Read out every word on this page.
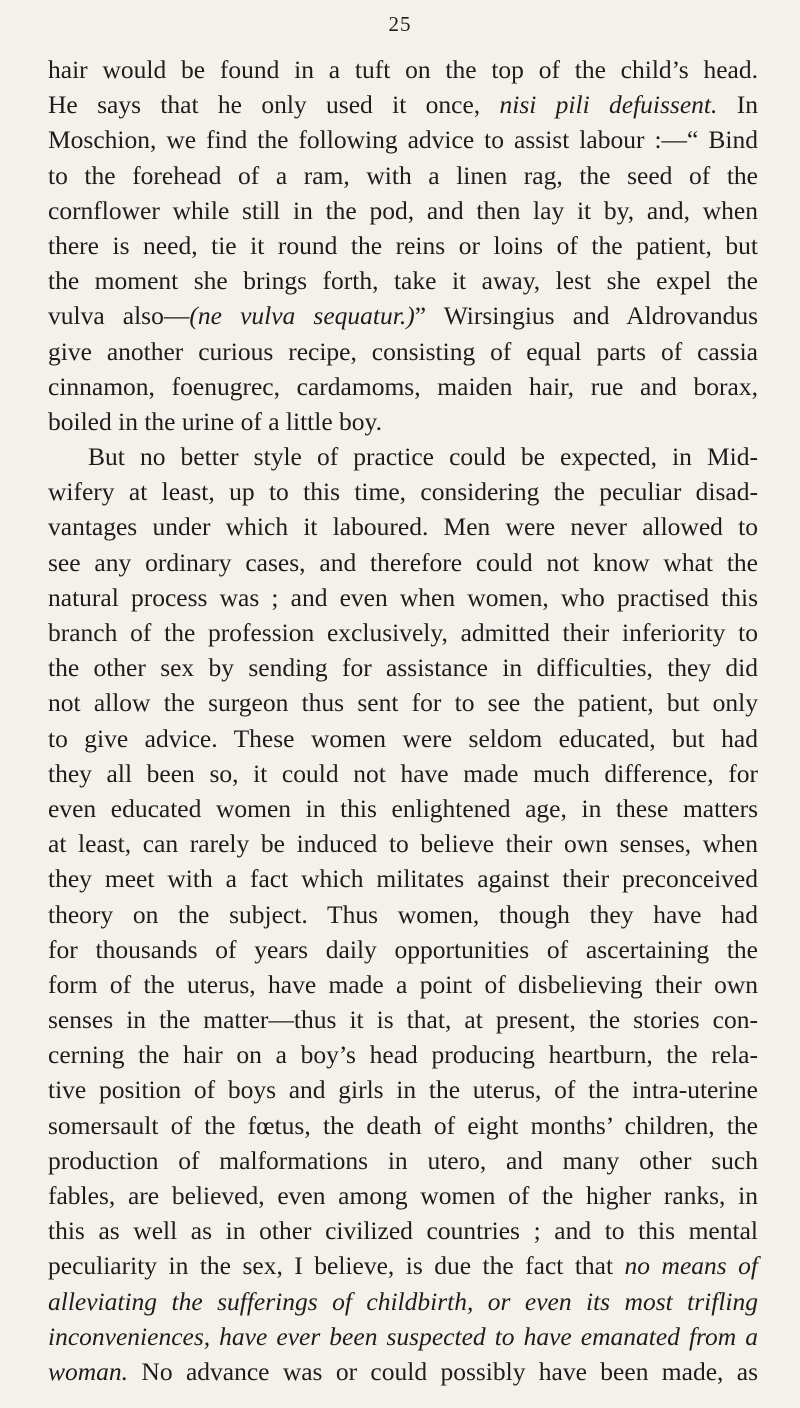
25
hair would be found in a tuft on the top of the child’s head.
He says that he only used it once, nisi pili defuissent. In
Moschion, we find the following advice to assist labour :—“ Bind
to the forehead of a ram, with a linen rag, the seed of the
cornflower while still in the pod, and then lay it by, and, when
there is need, tie it round the reins or loins of the patient, but
the moment she brings forth, take it away, lest she expel the
vulva also—(ne vulva sequatur.)” Wirsingius and Aldrovandus
give another curious recipe, consisting of equal parts of cassia
cinnamon, foenugrec, cardamoms, maiden hair, rue and borax,
boiled in the urine of a little boy.
But no better style of practice could be expected, in Mid-
wifery at least, up to this time, considering the peculiar disad-
vantages under which it laboured. Men were never allowed to
see any ordinary cases, and therefore could not know what the
natural process was ; and even when women, who practised this
branch of the profession exclusively, admitted their inferiority to
the other sex by sending for assistance in difficulties, they did
not allow the surgeon thus sent for to see the patient, but only
to give advice. These women were seldom educated, but had
they all been so, it could not have made much difference, for
even educated women in this enlightened age, in these matters
at least, can rarely be induced to believe their own senses, when
they meet with a fact which militates against their preconceived
theory on the subject. Thus women, though they have had
for thousands of years daily opportunities of ascertaining the
form of the uterus, have made a point of disbelieving their own
senses in the matter—thus it is that, at present, the stories con-
cerning the hair on a boy’s head producing heartburn, the rela-
tive position of boys and girls in the uterus, of the intra-uterine
somersault of the fœtus, the death of eight months’ children, the
production of malformations in utero, and many other such
fables, are believed, even among women of the higher ranks, in
this as well as in other civilized countries ; and to this mental
peculiarity in the sex, I believe, is due the fact that no means of
alleviating the sufferings of childbirth, or even its most trifling
inconveniences, have ever been suspected to have emanated from a
woman. No advance was or could possibly have been made, as
